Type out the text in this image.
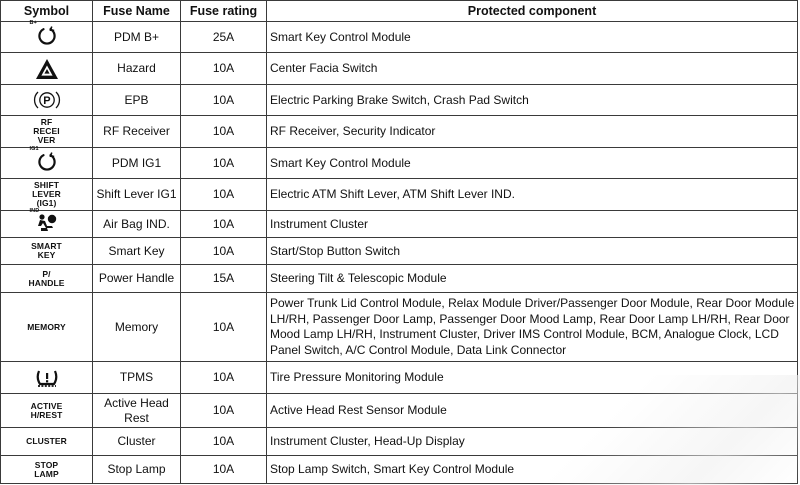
Symbol	Fuse Name	Fuse rating	Protected component

B+	PDM B+	25A	Smart Key Control Module

	Hazard	10A	Center Facia Switch

P	EPB	10A	Electric Parking Brake Switch, Crash Pad Switch

RF RECEI VER	RF Receiver	10A	RF Receiver, Security Indicator

IG1	PDM IG1	10A	Smart Key Control Module

SHIFT LEVER (IG1)	Shift Lever IG1	10A	Electric ATM Shift Lever, ATM Shift Lever IND.

IND	Air Bag IND.	10A	Instrument Cluster

SMART KEY	Smart Key	10A	Start/Stop Button Switch

P/ HANDLE	Power Handle	15A	Steering Tilt & Telescopic Module

MEMORY	Memory	10A	Power Trunk Lid Control Module, Relax Module Driver/Passenger Door Module, Rear Door Module LH/RH, Passenger Door Lamp, Passenger Door Mood Lamp, Rear Door Lamp LH/RH, Rear Door Mood Lamp LH/RH, Instrument Cluster, Driver IMS Control Module, BCM, Analogue Clock, LCD Panel Switch, A/C Control Module, Data Link Connector

	TPMS	10A	Tire Pressure Monitoring Module

ACTIVE H/REST	Active Head Rest	10A	Active Head Rest Sensor Module

CLUSTER	Cluster	10A	Instrument Cluster, Head-Up Display

STOP LAMP	Stop Lamp	10A	Stop Lamp Switch, Smart Key Control Module
